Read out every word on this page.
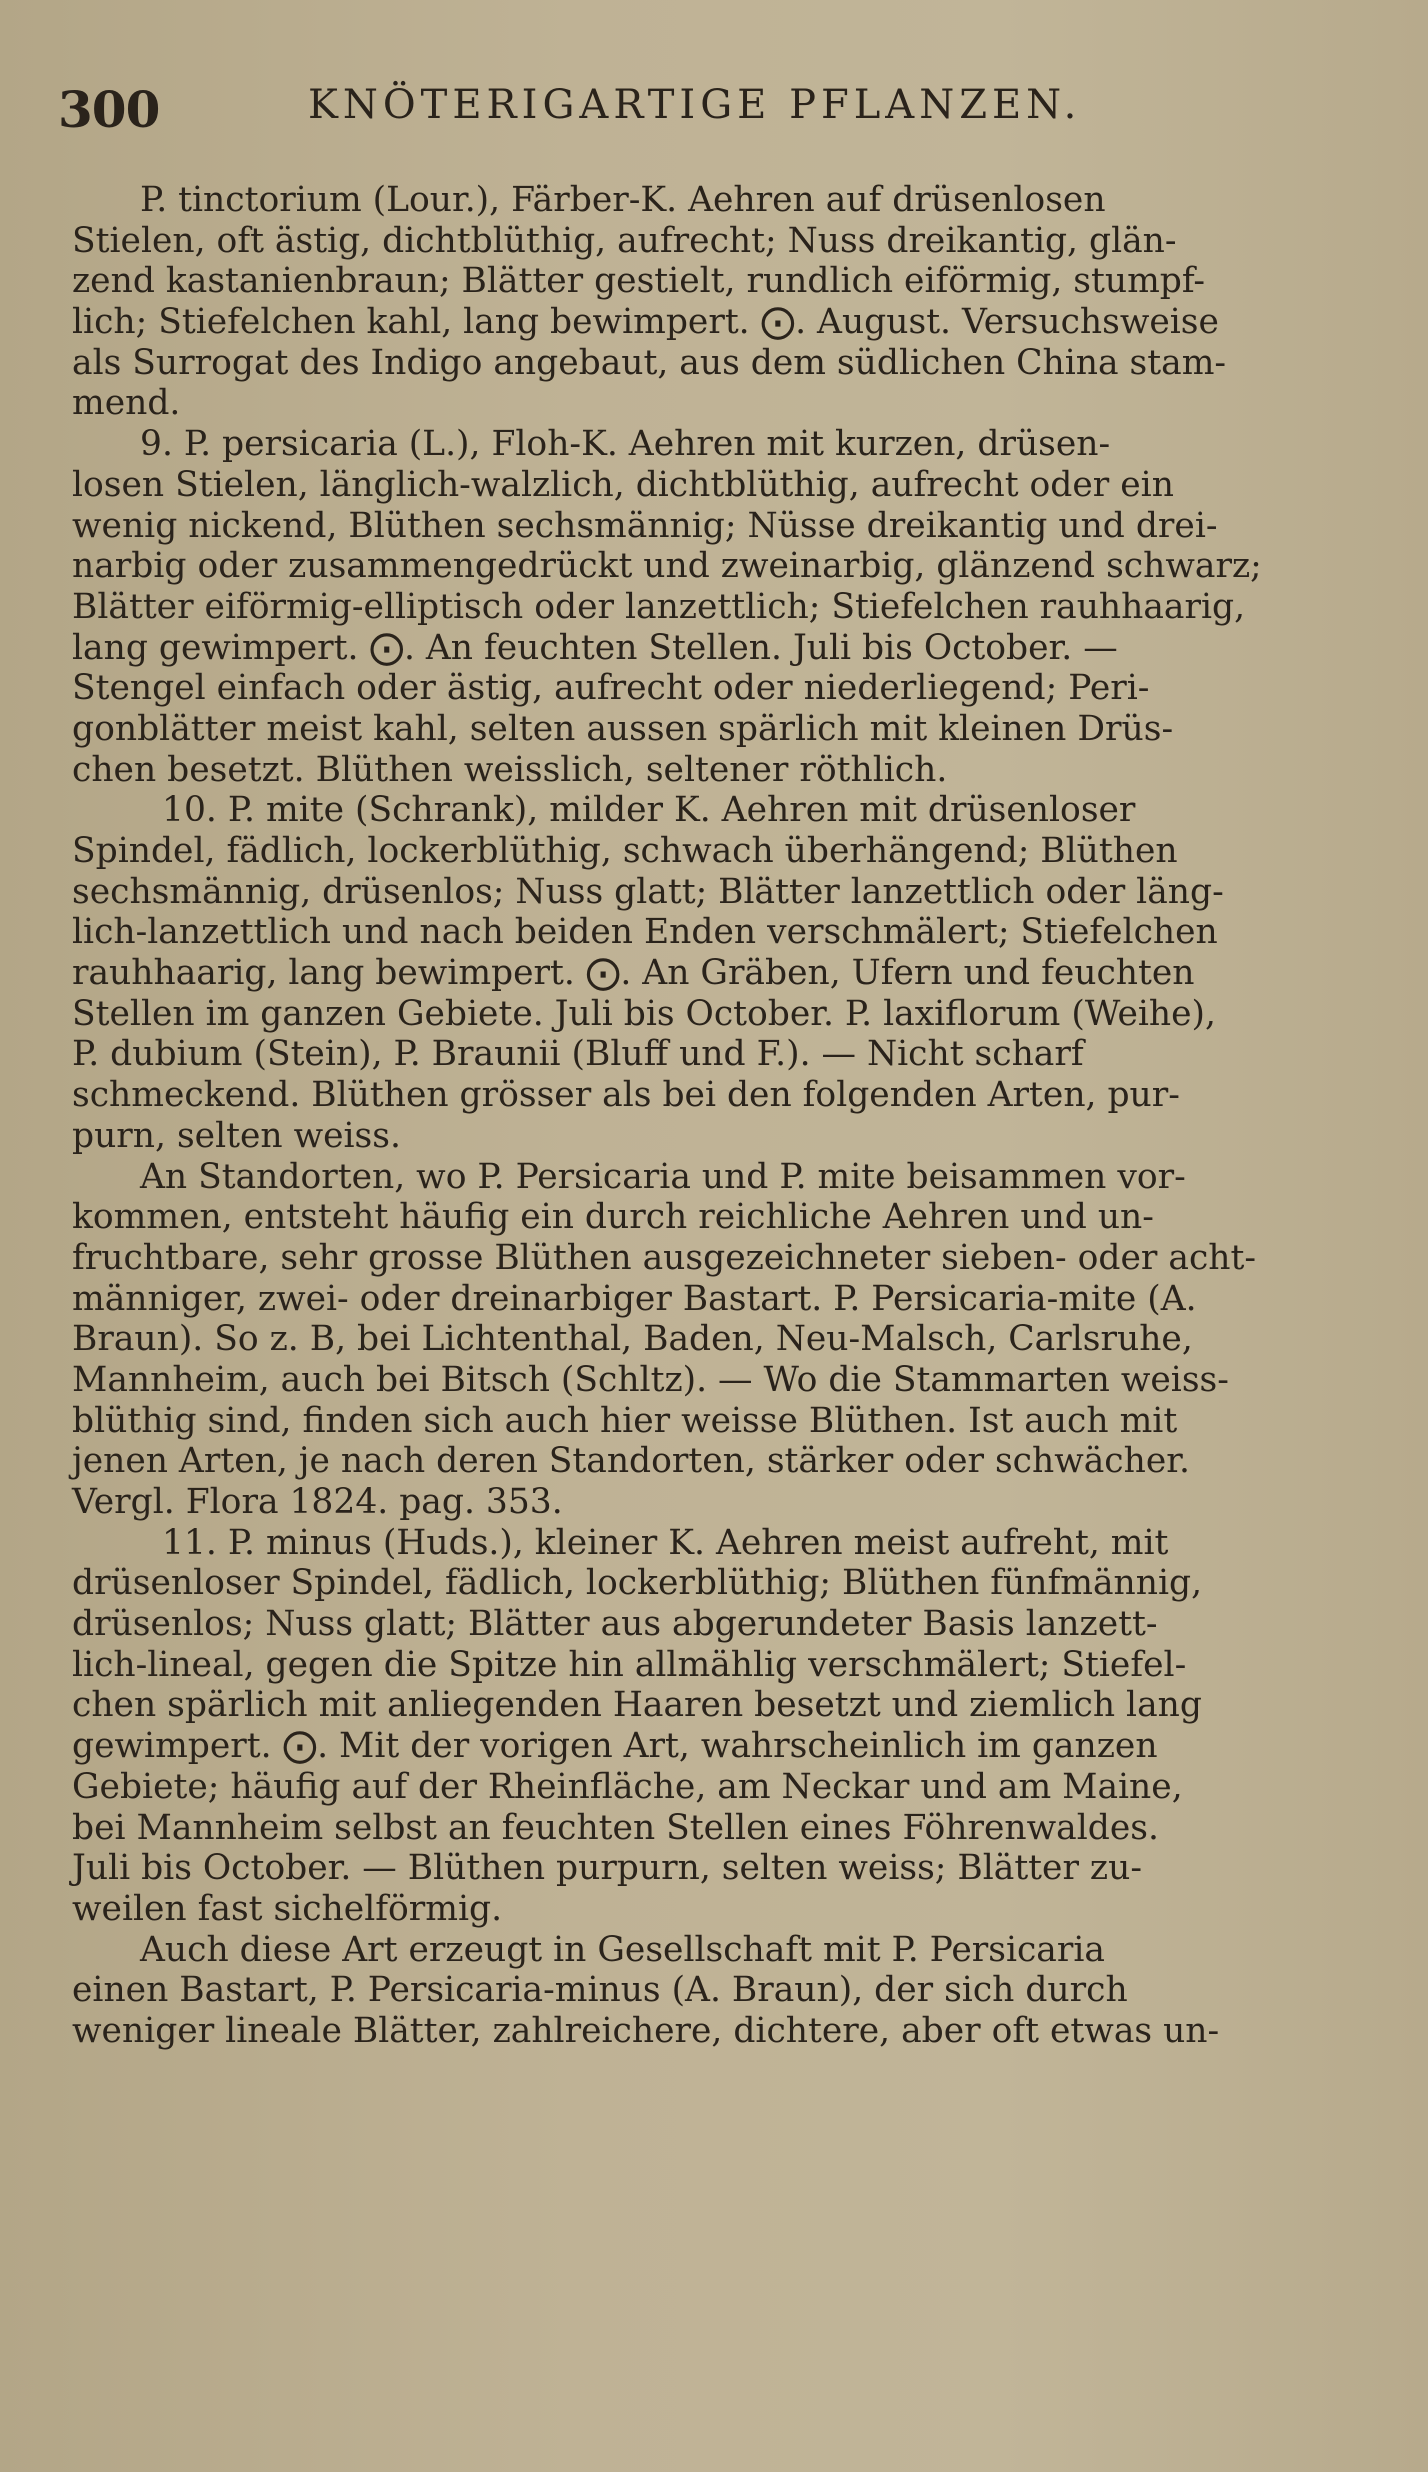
300	KNÖTERIGARTIGE PFLANZEN.
P. tinctorium (Lour.), Färber-K. Aehren auf drüsenlosen
Stielen, oft ästig, dichtblüthig, aufrecht; Nuss dreikantig, glän-
zend kastanienbraun; Blätter gestielt, rundlich eiförmig, stumpf-
lich; Stiefelchen kahl, lang bewimpert. ⨀. August. Versuchsweise
als Surrogat des Indigo angebaut, aus dem südlichen China stam-
mend.
9. P. persicaria (L.), Floh-K. Aehren mit kurzen, drüsen-
losen Stielen, länglich-walzlich, dichtblüthig, aufrecht oder ein
wenig nickend, Blüthen sechsmännig; Nüsse dreikantig und drei-
narbig oder zusammengedrückt und zweinarbig, glänzend schwarz;
Blätter eiförmig-elliptisch oder lanzettlich; Stiefelchen rauhhaarig,
lang gewimpert. ⨀. An feuchten Stellen. Juli bis October. —
Stengel einfach oder ästig, aufrecht oder niederliegend; Peri-
gonblätter meist kahl, selten aussen spärlich mit kleinen Drüs-
chen besetzt. Blüthen weisslich, seltener röthlich.
10. P. mite (Schrank), milder K. Aehren mit drüsenloser
Spindel, fädlich, lockerblüthig, schwach überhängend; Blüthen
sechsmännig, drüsenlos; Nuss glatt; Blätter lanzettlich oder läng-
lich-lanzettlich und nach beiden Enden verschmälert; Stiefelchen
rauhhaarig, lang bewimpert. ⨀. An Gräben, Ufern und feuchten
Stellen im ganzen Gebiete. Juli bis October. P. laxiflorum (Weihe),
P. dubium (Stein), P. Braunii (Bluff und F.). — Nicht scharf
schmeckend. Blüthen grösser als bei den folgenden Arten, pur-
purn, selten weiss.
An Standorten, wo P. Persicaria und P. mite beisammen vor-
kommen, entsteht häufig ein durch reichliche Aehren und un-
fruchtbare, sehr grosse Blüthen ausgezeichneter sieben- oder acht-
männiger, zwei- oder dreinarbiger Bastart. P. Persicaria-mite (A.
Braun). So z. B, bei Lichtenthal, Baden, Neu-Malsch, Carlsruhe,
Mannheim, auch bei Bitsch (Schltz). — Wo die Stammarten weiss-
blüthig sind, finden sich auch hier weisse Blüthen. Ist auch mit
jenen Arten, je nach deren Standorten, stärker oder schwächer.
Vergl. Flora 1824. pag. 353.
11. P. minus (Huds.), kleiner K. Aehren meist aufreht, mit
drüsenloser Spindel, fädlich, lockerblüthig; Blüthen fünfmännig,
drüsenlos; Nuss glatt; Blätter aus abgerundeter Basis lanzett-
lich-lineal, gegen die Spitze hin allmählig verschmälert; Stiefel-
chen spärlich mit anliegenden Haaren besetzt und ziemlich lang
gewimpert. ⨀. Mit der vorigen Art, wahrscheinlich im ganzen
Gebiete; häufig auf der Rheinfläche, am Neckar und am Maine,
bei Mannheim selbst an feuchten Stellen eines Föhrenwaldes.
Juli bis October. — Blüthen purpurn, selten weiss; Blätter zu-
weilen fast sichelförmig.
Auch diese Art erzeugt in Gesellschaft mit P. Persicaria
einen Bastart, P. Persicaria-minus (A. Braun), der sich durch
weniger lineale Blätter, zahlreichere, dichtere, aber oft etwas un-
